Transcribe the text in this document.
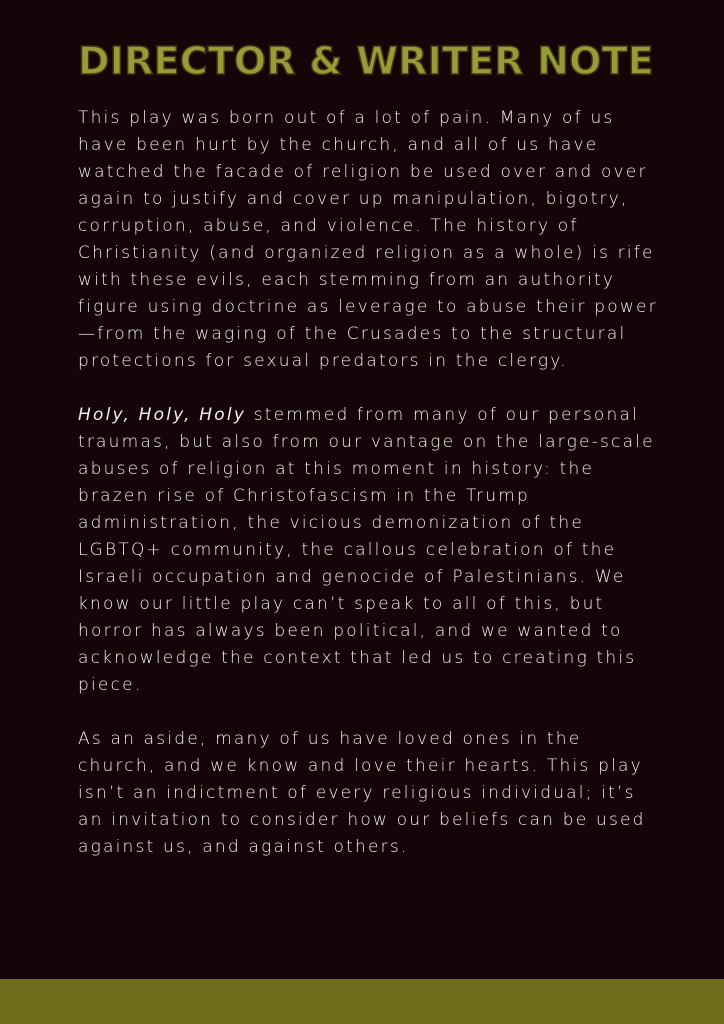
DIRECTOR & WRITER NOTE

This play was born out of a lot of pain. Many of us have been hurt by the church, and all of us have watched the facade of religion be used over and over again to justify and cover up manipulation, bigotry, corruption, abuse, and violence. The history of Christianity (and organized religion as a whole) is rife with these evils, each stemming from an authority figure using doctrine as leverage to abuse their power—from the waging of the Crusades to the structural protections for sexual predators in the clergy.

Holy, Holy, Holy stemmed from many of our personal traumas, but also from our vantage on the large-scale abuses of religion at this moment in history: the brazen rise of Christofascism in the Trump administration, the vicious demonization of the LGBTQ+ community, the callous celebration of the Israeli occupation and genocide of Palestinians. We know our little play can’t speak to all of this, but horror has always been political, and we wanted to acknowledge the context that led us to creating this piece.

As an aside, many of us have loved ones in the church, and we know and love their hearts. This play isn’t an indictment of every religious individual; it’s an invitation to consider how our beliefs can be used against us, and against others.
